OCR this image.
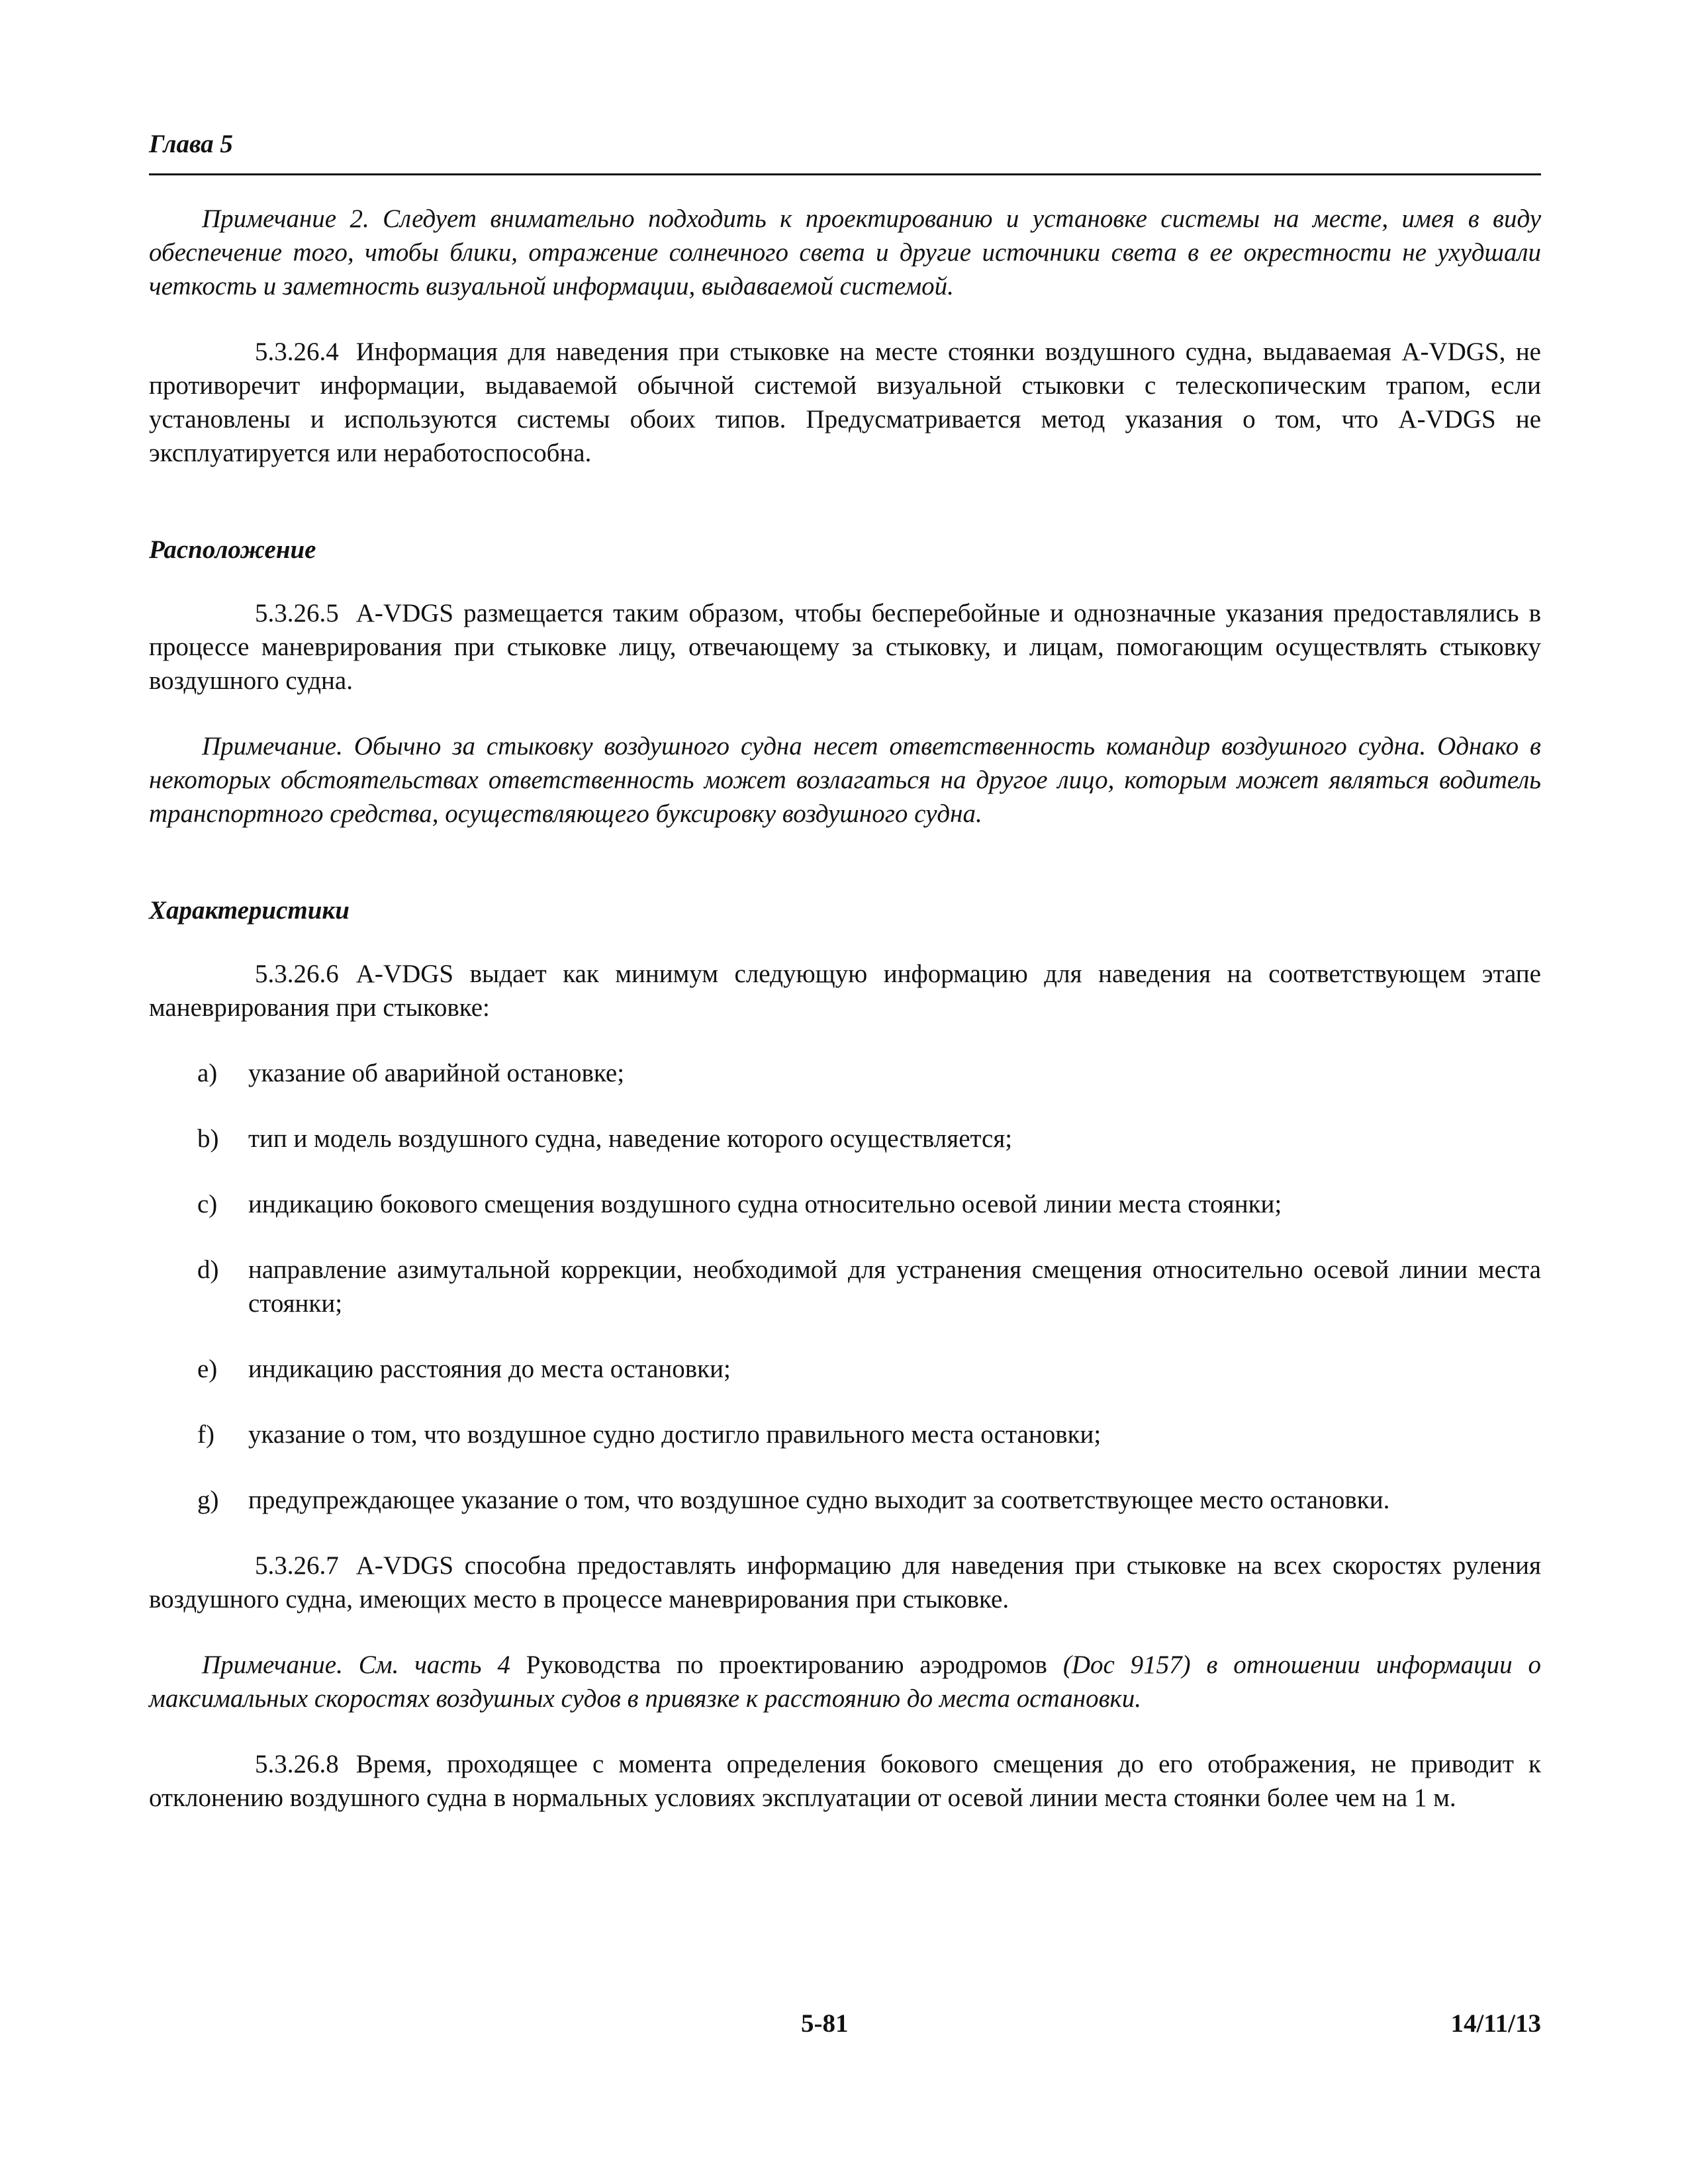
Глава 5

Примечание 2. Следует внимательно подходить к проектированию и установке системы на месте, имея в виду обеспечение того, чтобы блики, отражение солнечного света и другие источники света в ее окрестности не ухудшали четкость и заметность визуальной информации, выдаваемой системой.

5.3.26.4 Информация для наведения при стыковке на месте стоянки воздушного судна, выдаваемая A-VDGS, не противоречит информации, выдаваемой обычной системой визуальной стыковки с телескопическим трапом, если установлены и используются системы обоих типов. Предусматривается метод указания о том, что A-VDGS не эксплуатируется или неработоспособна.

Расположение

5.3.26.5 A-VDGS размещается таким образом, чтобы бесперебойные и однозначные указания предоставлялись в процессе маневрирования при стыковке лицу, отвечающему за стыковку, и лицам, помогающим осуществлять стыковку воздушного судна.

Примечание. Обычно за стыковку воздушного судна несет ответственность командир воздушного судна. Однако в некоторых обстоятельствах ответственность может возлагаться на другое лицо, которым может являться водитель транспортного средства, осуществляющего буксировку воздушного судна.

Характеристики

5.3.26.6 A-VDGS выдает как минимум следующую информацию для наведения на соответствующем этапе маневрирования при стыковке:

a) указание об аварийной остановке;
b) тип и модель воздушного судна, наведение которого осуществляется;
c) индикацию бокового смещения воздушного судна относительно осевой линии места стоянки;
d) направление азимутальной коррекции, необходимой для устранения смещения относительно осевой линии места стоянки;
e) индикацию расстояния до места остановки;
f) указание о том, что воздушное судно достигло правильного места остановки;
g) предупреждающее указание о том, что воздушное судно выходит за соответствующее место остановки.

5.3.26.7 A-VDGS способна предоставлять информацию для наведения при стыковке на всех скоростях руления воздушного судна, имеющих место в процессе маневрирования при стыковке.

Примечание. См. часть 4 Руководства по проектированию аэродромов (Doc 9157) в отношении информации о максимальных скоростях воздушных судов в привязке к расстоянию до места остановки.

5.3.26.8 Время, проходящее с момента определения бокового смещения до его отображения, не приводит к отклонению воздушного судна в нормальных условиях эксплуатации от осевой линии места стоянки более чем на 1 м.

5-81	14/11/13
